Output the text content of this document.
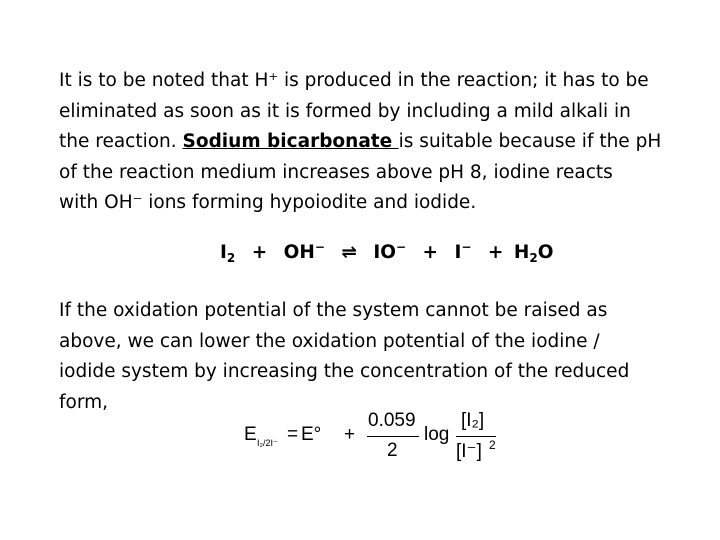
It is to be noted that H⁺ is produced in the reaction; it has to be
eliminated as soon as it is formed by including a mild alkali in
the reaction. Sodium bicarbonate is suitable because if the pH
of the reaction medium increases above pH 8, iodine reacts
with OH⁻ ions forming hypoiodite and iodide.
$I_2 + OH^-$ ⇌ $IO^- + I^- + H_2O$
If the oxidation potential of the system cannot be raised as
above, we can lower the oxidation potential of the iodine /
iodide system by increasing the concentration of the reduced
form,
E I₂/2I⁻ = E° +
0.059
2
log
[I₂]
[I⁻] 2
